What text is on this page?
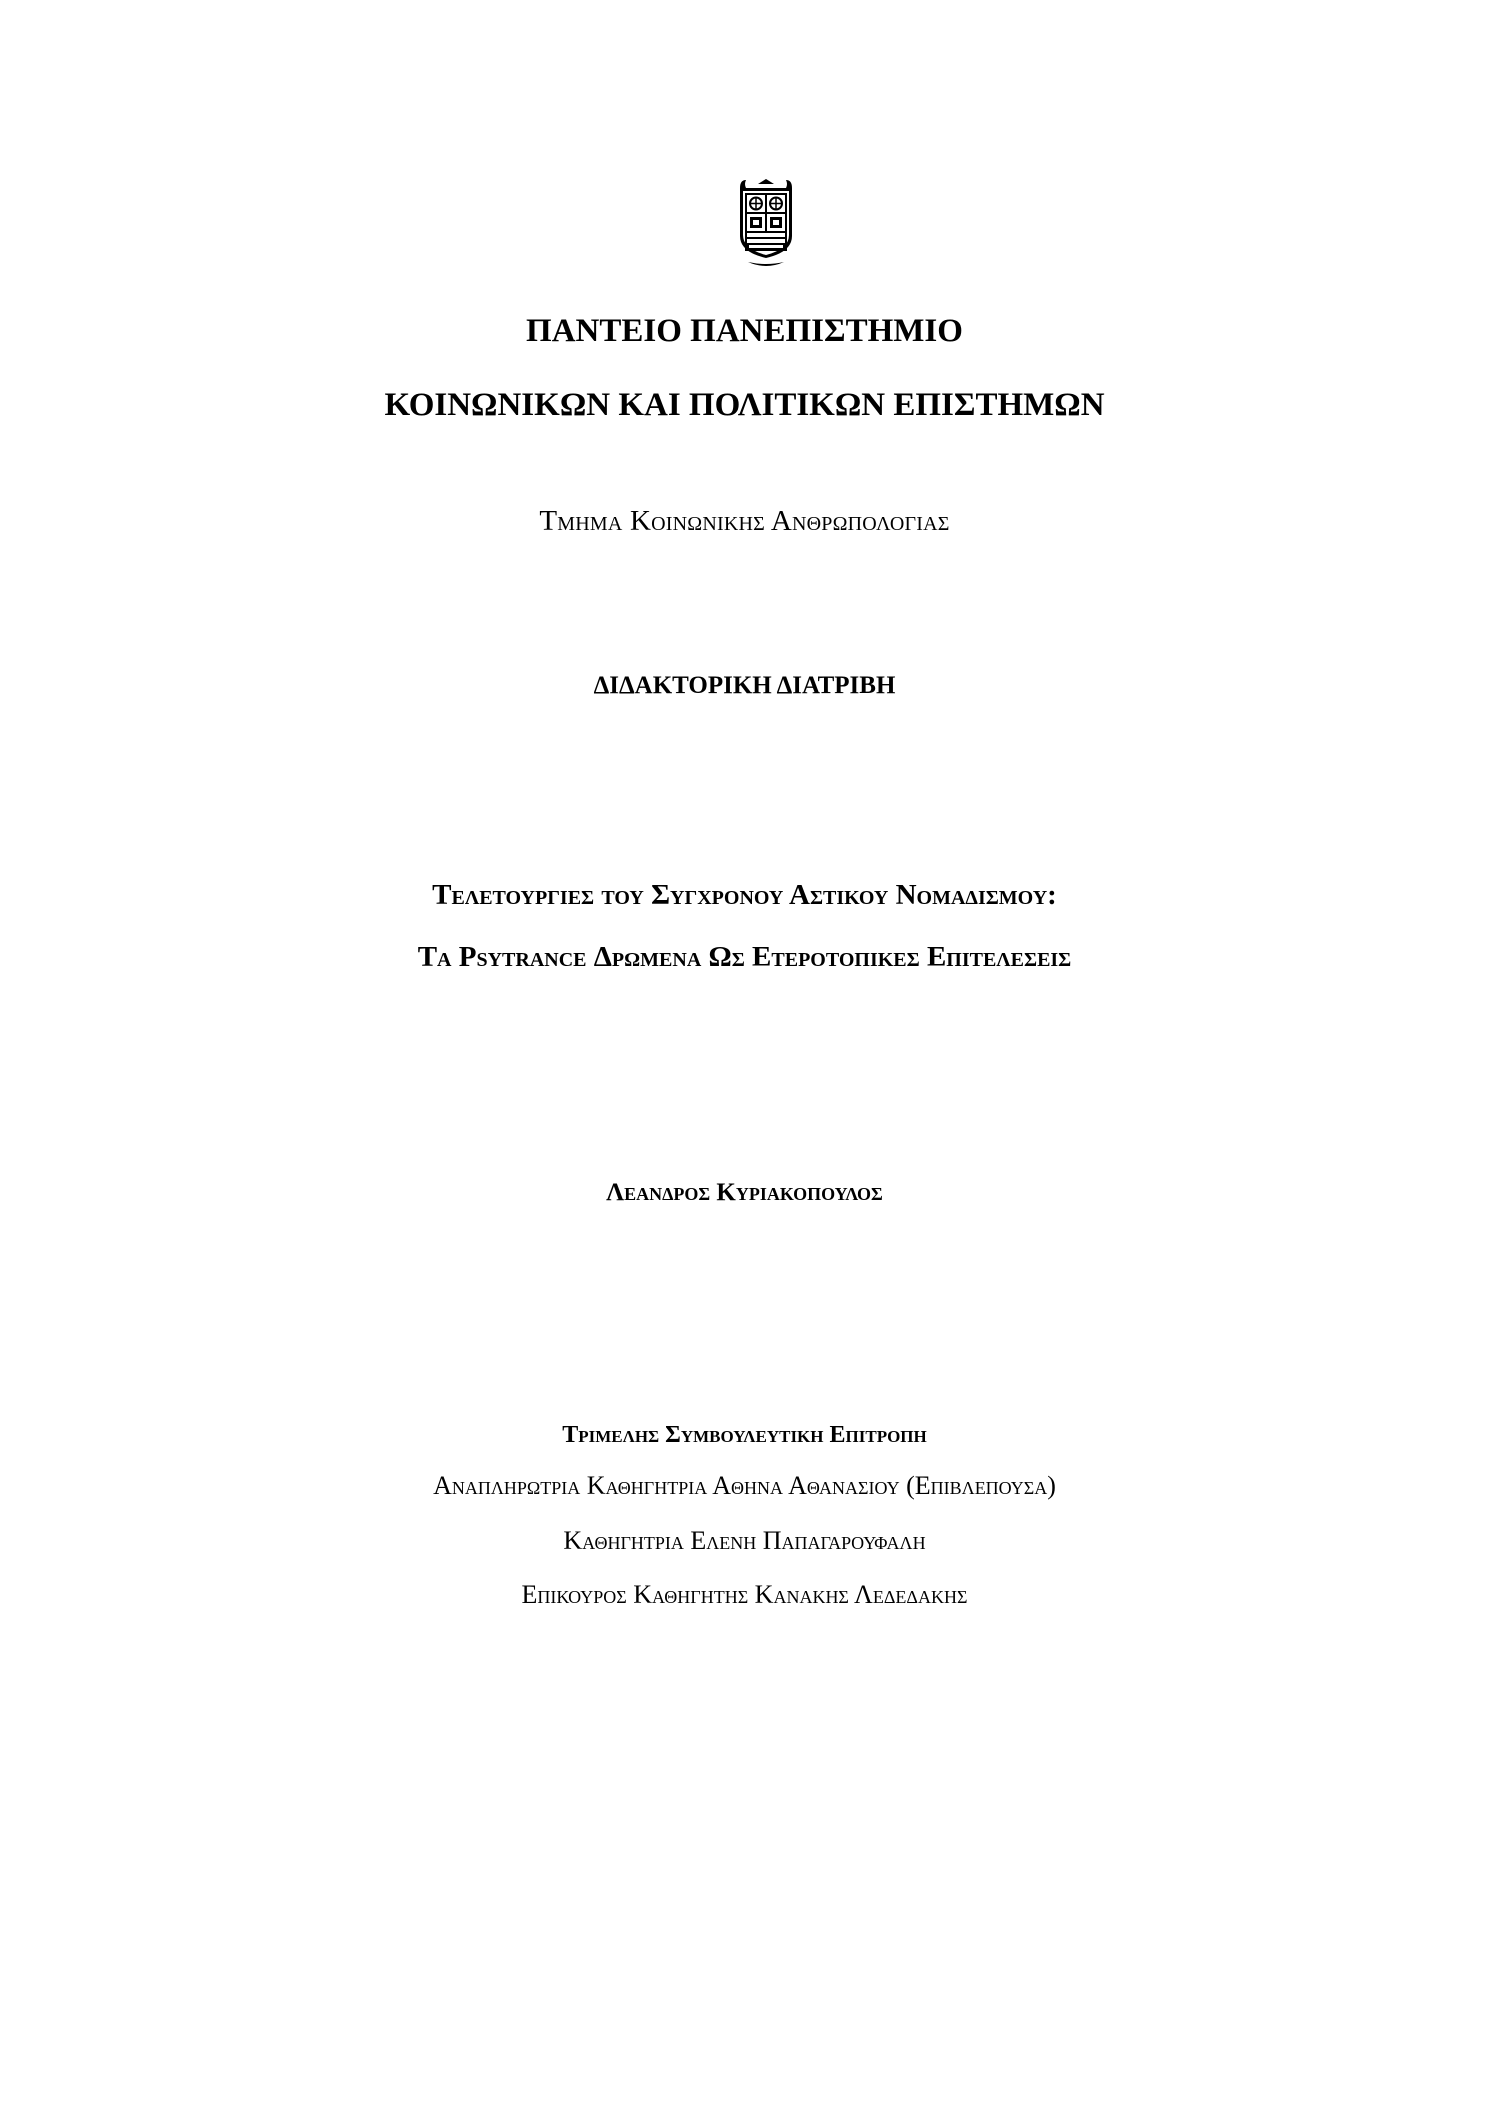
ΠΑΝΤΕΙΟ ΠΑΝΕΠΙΣΤΗΜΙΟ
ΚΟΙΝΩΝΙΚΩΝ ΚΑΙ ΠΟΛΙΤΙΚΩΝ ΕΠΙΣΤΗΜΩΝ
Τμημα Κοινωνικησ Ανθρωπολογιασ
ΔΙΔΑΚΤΟΡΙΚΗ ΔΙΑΤΡΙΒΗ
Τελετουργιεσ του Συγχρονου Αστικου Νομαδισμου:
Τα Psytrance Δρωμενα Ωσ Ετεροτοπικεσ Επιτελεσεισ
Λεανδροσ Κυριακοπουλοσ
Τριμελησ Συμβουλευτικη Επιτροπη
Αναπληρωτρια Καθηγητρια Αθηνα Αθανασιου (Επιβλεπουσα)
Καθηγητρια Ελενη Παπαγαρουφαλη
Επικουροσ Καθηγητησ Κανακησ Λεδεδακησ
